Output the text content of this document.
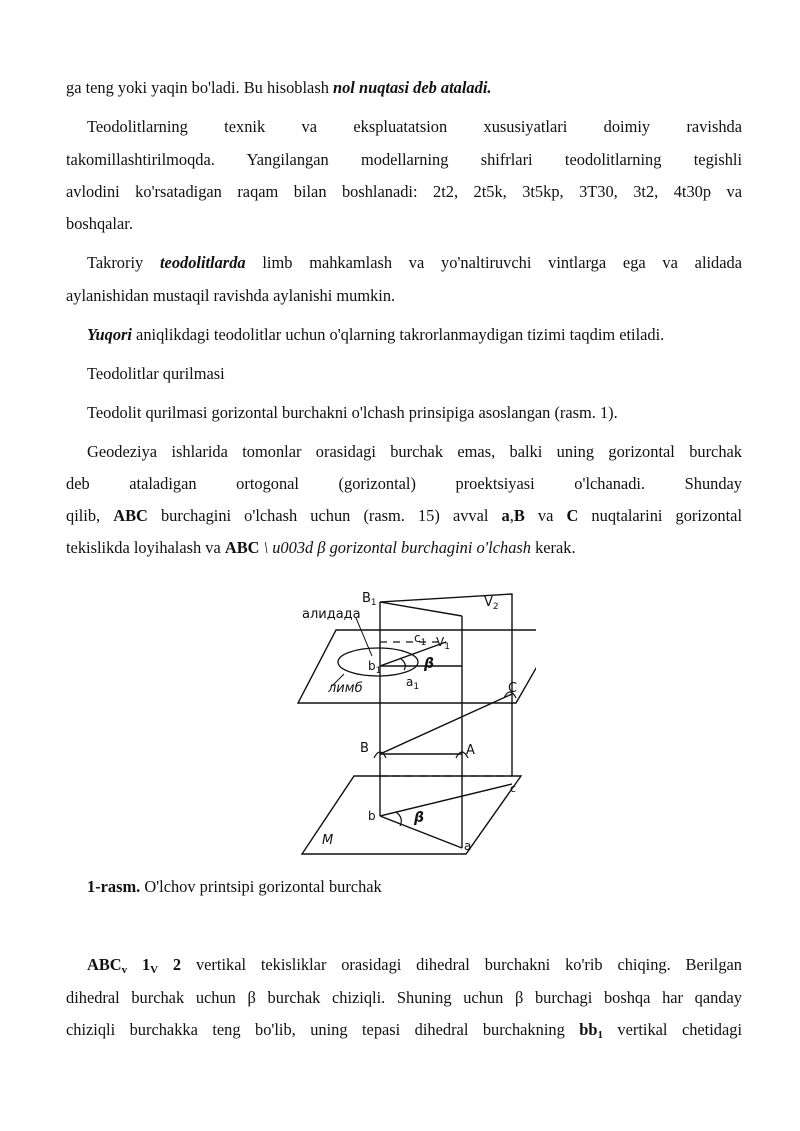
ga teng yoki yaqin bo'ladi. Bu hisoblash nol nuqtasi deb ataladi.
Teodolitlarning texnik va ekspluatatsion xususiyatlari doimiy ravishda
takomillashtirilmoqda. Yangilangan modellarning shifrlari teodolitlarning tegishli
avlodini ko'rsatadigan raqam bilan boshlanadi: 2t2, 2t5k, 3t5kp, 3T30, 3t2, 4t30p va
boshqalar.
Takroriy teodolitlarda limb mahkamlash va yo'naltiruvchi vintlarga ega va alidada
aylanishidan mustaqil ravishda aylanishi mumkin.
Yuqori aniqlikdagi teodolitlar uchun o'qlarning takrorlanmaydigan tizimi taqdim etiladi.
Teodolitlar qurilmasi
Teodolit qurilmasi gorizontal burchakni o'lchash prinsipiga asoslangan (rasm. 1).
Geodeziya ishlarida tomonlar orasidagi burchak emas, balki uning gorizontal burchak
deb ataladigan ortogonal (gorizontal) proektsiyasi o'lchanadi. Shunday
qilib, ABC burchagini o'lchash uchun (rasm. 15) avval a,B va C nuqtalarini gorizontal
tekislikda loyihalash va ABC \ u003d β gorizontal burchagini o'lchash kerak.
алидада
лимб
$B_1$	$V_2$
$V_1$
$c_1$
$b_1$
$a_1$
β
C
B	A
c
b	β
M	a
1-rasm. O'lchov printsipi gorizontal burchak
$ABC_v$ $1_V$ 2 vertikal tekisliklar orasidagi dihedral burchakni ko'rib chiqing. Berilgan
dihedral burchak uchun β burchak chiziqli. Shuning uchun β burchagi boshqa har qanday
chiziqli burchakka teng bo'lib, uning tepasi dihedral burchakning $bb_1$ vertikal chetidagi
